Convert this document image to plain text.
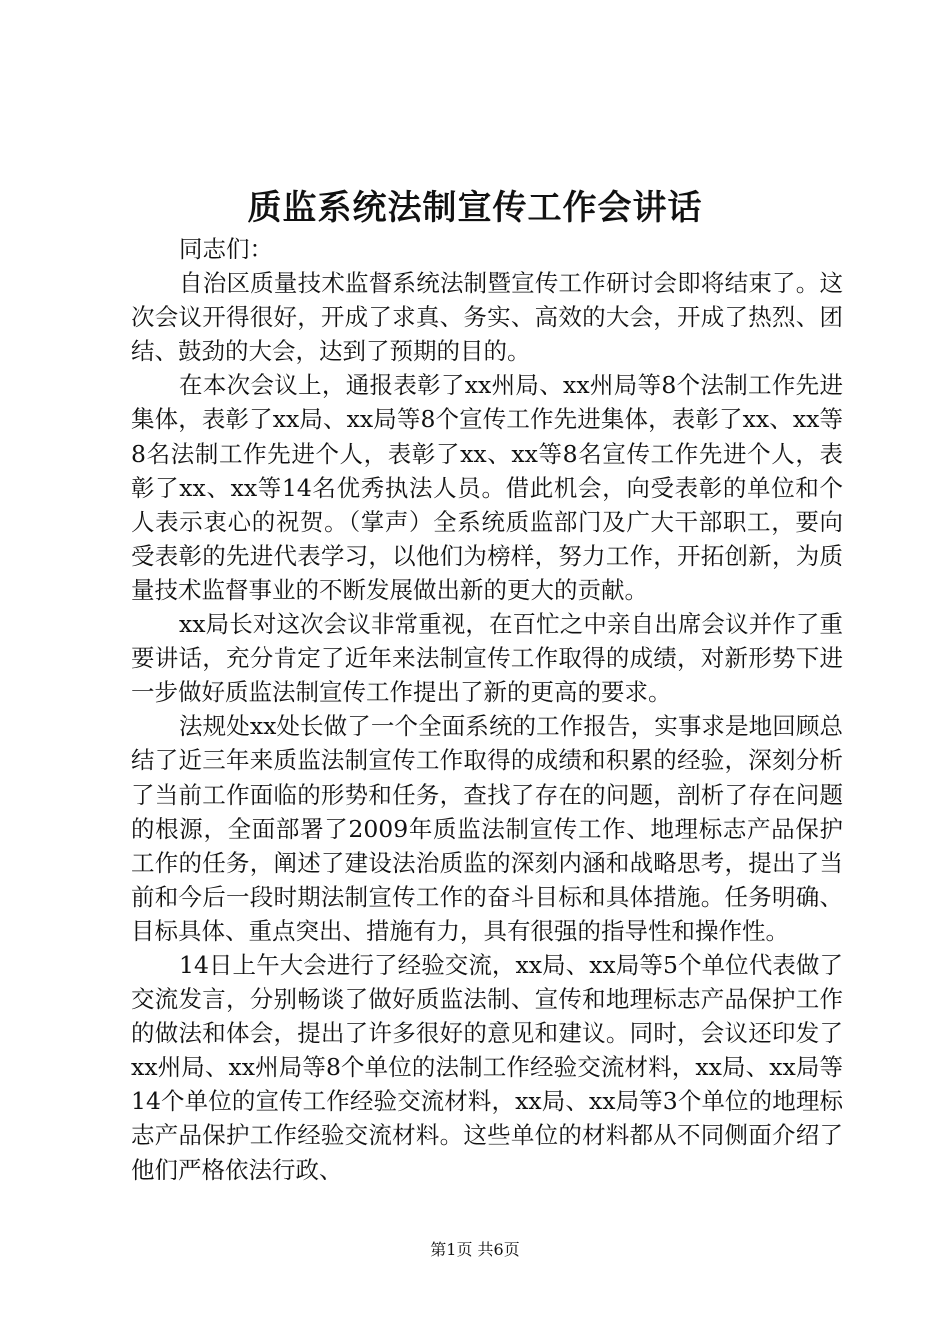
质监系统法制宣传工作会讲话

同志们：

自治区质量技术监督系统法制暨宣传工作研讨会即将结束了。这次会议开得很好，开成了求真、务实、高效的大会，开成了热烈、团结、鼓劲的大会，达到了预期的目的。

在本次会议上，通报表彰了xx州局、xx州局等8个法制工作先进集体，表彰了xx局、xx局等8个宣传工作先进集体，表彰了xx、xx等8名法制工作先进个人，表彰了xx、xx等8名宣传工作先进个人，表彰了xx、xx等14名优秀执法人员。借此机会，向受表彰的单位和个人表示衷心的祝贺。（掌声）全系统质监部门及广大干部职工，要向受表彰的先进代表学习，以他们为榜样，努力工作，开拓创新，为质量技术监督事业的不断发展做出新的更大的贡献。

xx局长对这次会议非常重视，在百忙之中亲自出席会议并作了重要讲话，充分肯定了近年来法制宣传工作取得的成绩，对新形势下进一步做好质监法制宣传工作提出了新的更高的要求。

法规处xx处长做了一个全面系统的工作报告，实事求是地回顾总结了近三年来质监法制宣传工作取得的成绩和积累的经验，深刻分析了当前工作面临的形势和任务，查找了存在的问题，剖析了存在问题的根源，全面部署了2009年质监法制宣传工作、地理标志产品保护工作的任务，阐述了建设法治质监的深刻内涵和战略思考，提出了当前和今后一段时期法制宣传工作的奋斗目标和具体措施。任务明确、目标具体、重点突出、措施有力，具有很强的指导性和操作性。

14日上午大会进行了经验交流，xx局、xx局等5个单位代表做了交流发言，分别畅谈了做好质监法制、宣传和地理标志产品保护工作的做法和体会，提出了许多很好的意见和建议。同时，会议还印发了xx州局、xx州局等8个单位的法制工作经验交流材料，xx局、xx局等14个单位的宣传工作经验交流材料，xx局、xx局等3个单位的地理标志产品保护工作经验交流材料。这些单位的材料都从不同侧面介绍了他们严格依法行政、

第1页 共6页
